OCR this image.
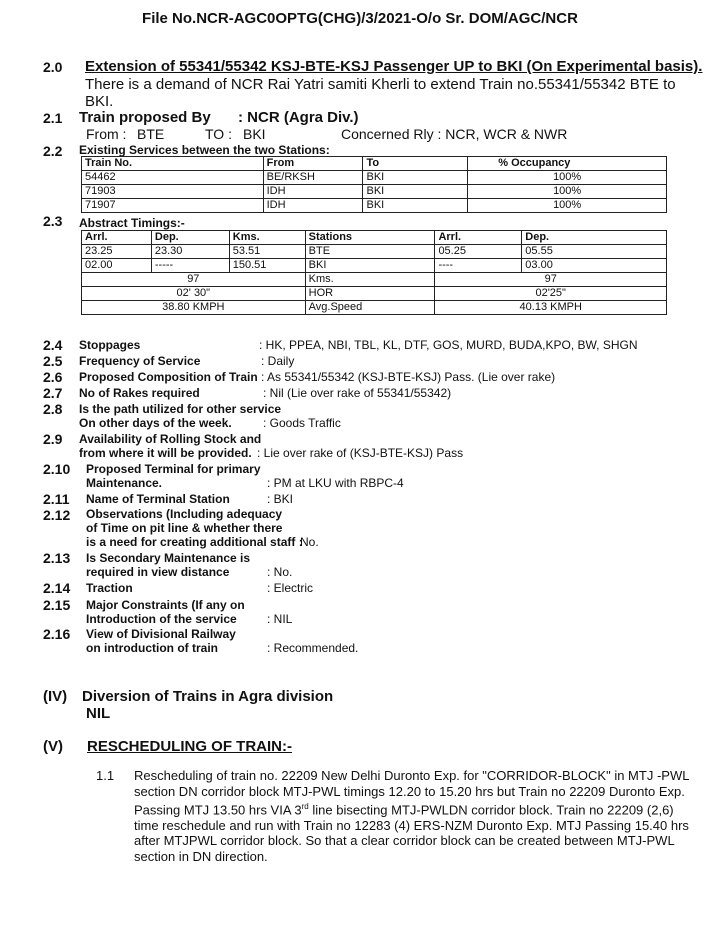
File No.NCR-AGC0OPTG(CHG)/3/2021-O/o Sr. DOM/AGC/NCR
2.0 Extension of 55341/55342 KSJ-BTE-KSJ Passenger UP to BKI (On Experimental basis).
There is a demand of NCR Rai Yatri samiti Kherli to extend Train no.55341/55342 BTE to
BKI.
2.1 Train proposed By : NCR (Agra Div.)
From : BTE	TO : BKI	Concerned Rly : NCR, WCR & NWR
2.2 Existing Services between the two Stations:
Train No.	From	To	% Occupancy
54462	BE/RKSH	BKI	100%
71903	IDH	BKI	100%
71907	IDH	BKI	100%
2.3 Abstract Timings:-
Arrl.	Dep.	Kms.	Stations	Arrl.	Dep.
23.25	23.30	53.51	BTE	05.25	05.55
02.00	-----	150.51	BKI	----	03.00
97			Kms.	97	
02' 30"			HOR	02'25"	
38.80 KMPH			Avg.Speed	40.13 KMPH	
2.4 Stoppages	: HK, PPEA, NBI, TBL, KL, DTF, GOS, MURD, BUDA,KPO, BW, SHGN
2.5 Frequency of Service	: Daily
2.6 Proposed Composition of Train : As 55341/55342 (KSJ-BTE-KSJ) Pass. (Lie over rake)
2.7 No of Rakes required	: Nil (Lie over rake of 55341/55342)
2.8 Is the path utilized for other service
On other days of the week.	: Goods Traffic
2.9 Availability of Rolling Stock and
from where it will be provided. : Lie over rake of (KSJ-BTE-KSJ) Pass
2.10 Proposed Terminal for primary
Maintenance.	: PM at LKU with RBPC-4
2.11 Name of Terminal Station	: BKI
2.12 Observations (Including adequacy
of Time on pit line & whether there
is a need for creating additional staff :
No.
2.13 Is Secondary Maintenance is
required in view distance	: No.
2.14 Traction	: Electric
2.15 Major Constraints (If any on
Introduction of the service	: NIL
2.16 View of Divisional Railway
on introduction of train	: Recommended.
(IV) Diversion of Trains in Agra division
NIL
(V) RESCHEDULING OF TRAIN:-
1.1 Rescheduling of train no. 22209 New Delhi Duronto Exp. for "CORRIDOR-BLOCK" in MTJ -PWL
section DN corridor block MTJ-PWL timings 12.20 to 15.20 hrs but Train no 22209 Duronto Exp.
Passing MTJ 13.50 hrs VIA 3rd line bisecting MTJ-PWLDN corridor block. Train no 22209 (2,6)
time reschedule and run with Train no 12283 (4) ERS-NZM Duronto Exp. MTJ Passing 15.40 hrs
after MTJPWL corridor block. So that a clear corridor block can be created between MTJ-PWL
section in DN direction.
